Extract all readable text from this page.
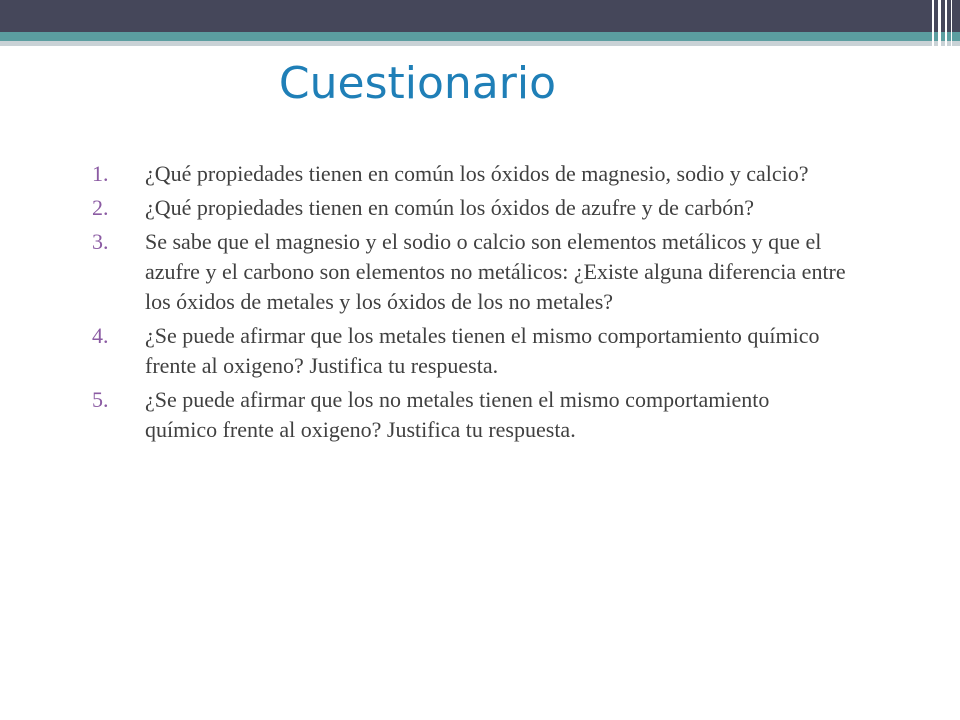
Cuestionario
1. ¿Qué propiedades tienen en común los óxidos de magnesio, sodio y calcio?
2. ¿Qué propiedades tienen en común los óxidos de azufre y de carbón?
3. Se sabe que el magnesio y el sodio o calcio son elementos metálicos y que el azufre y el carbono son elementos no metálicos: ¿Existe alguna diferencia entre los óxidos de metales y los óxidos de los no metales?
4. ¿Se puede afirmar que los metales tienen el mismo comportamiento químico frente al oxigeno? Justifica tu respuesta.
5. ¿Se puede afirmar que los no metales tienen el mismo comportamiento químico frente al oxigeno? Justifica tu respuesta.
